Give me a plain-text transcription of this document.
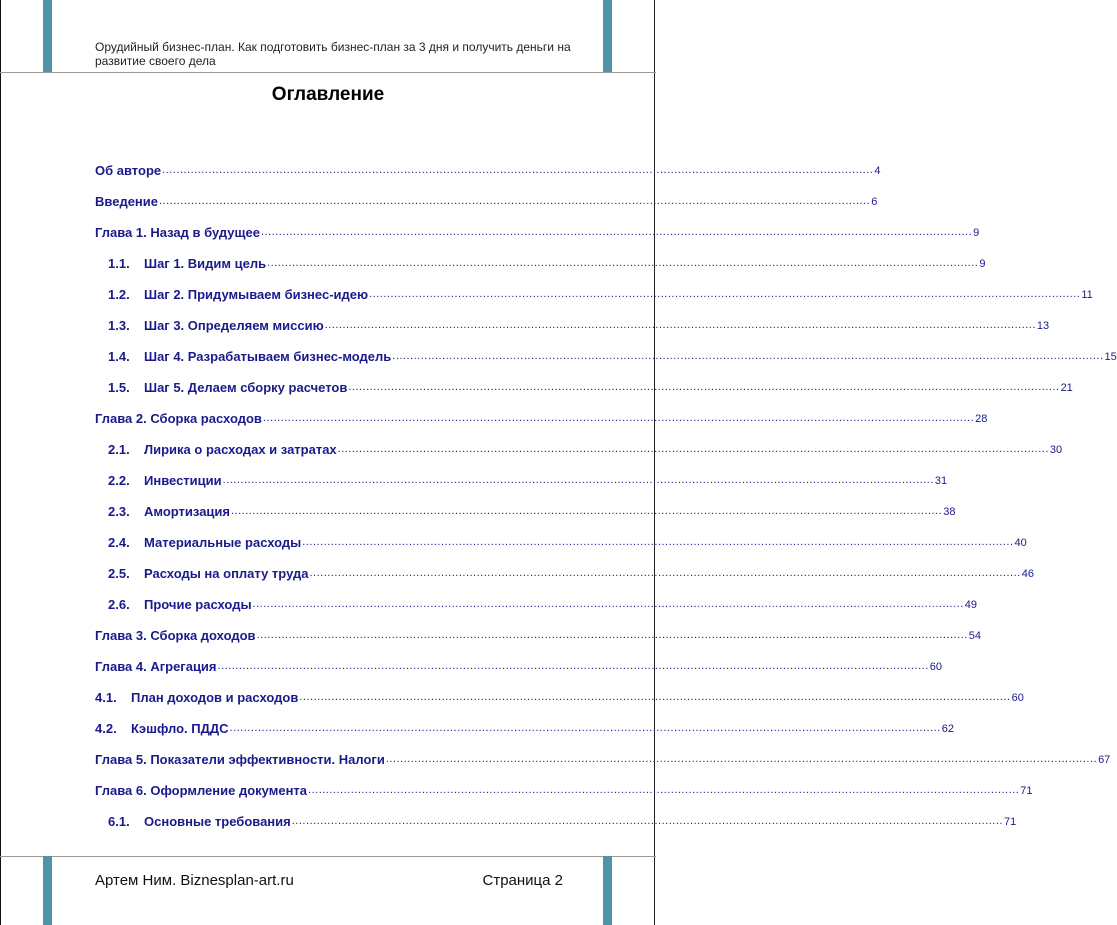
Орудийный бизнес-план. Как подготовить бизнес-план за 3 дня и получить деньги на развитие своего дела
Оглавление
Об авторе ........................................................................................................................................................................................................ 4
Введение ........................................................................................................................................................................................................ 6
Глава 1. Назад в будущее ........................................................................................................................................................................................................ 9
1.1.	Шаг 1. Видим цель ........................................................................................................................................................................................................ 9
1.2.	Шаг 2. Придумываем бизнес-идею ........................................................................................................................................................................................................ 11
1.3.	Шаг 3. Определяем миссию ........................................................................................................................................................................................................ 13
1.4.	Шаг 4. Разрабатываем бизнес-модель ........................................................................................................................................................................................................ 15
1.5.	Шаг 5. Делаем сборку расчетов ........................................................................................................................................................................................................ 21
Глава 2. Сборка расходов ........................................................................................................................................................................................................ 28
2.1.	Лирика о расходах и затратах ........................................................................................................................................................................................................ 30
2.2.	Инвестиции ........................................................................................................................................................................................................ 31
2.3.	Амортизация ........................................................................................................................................................................................................ 38
2.4.	Материальные расходы ........................................................................................................................................................................................................ 40
2.5.	Расходы на оплату труда ........................................................................................................................................................................................................ 46
2.6.	Прочие расходы ........................................................................................................................................................................................................ 49
Глава 3. Сборка доходов ........................................................................................................................................................................................................ 54
Глава 4. Агрегация ........................................................................................................................................................................................................ 60
4.1.	План доходов и расходов ........................................................................................................................................................................................................ 60
4.2.	Кэшфло. ПДДС ........................................................................................................................................................................................................ 62
Глава 5. Показатели эффективности. Налоги ........................................................................................................................................................................................................ 67
Глава 6. Оформление документа ........................................................................................................................................................................................................ 71
6.1.	Основные требования ........................................................................................................................................................................................................ 71
Артем Ним. Biznesplan-art.ru	Страница 2
